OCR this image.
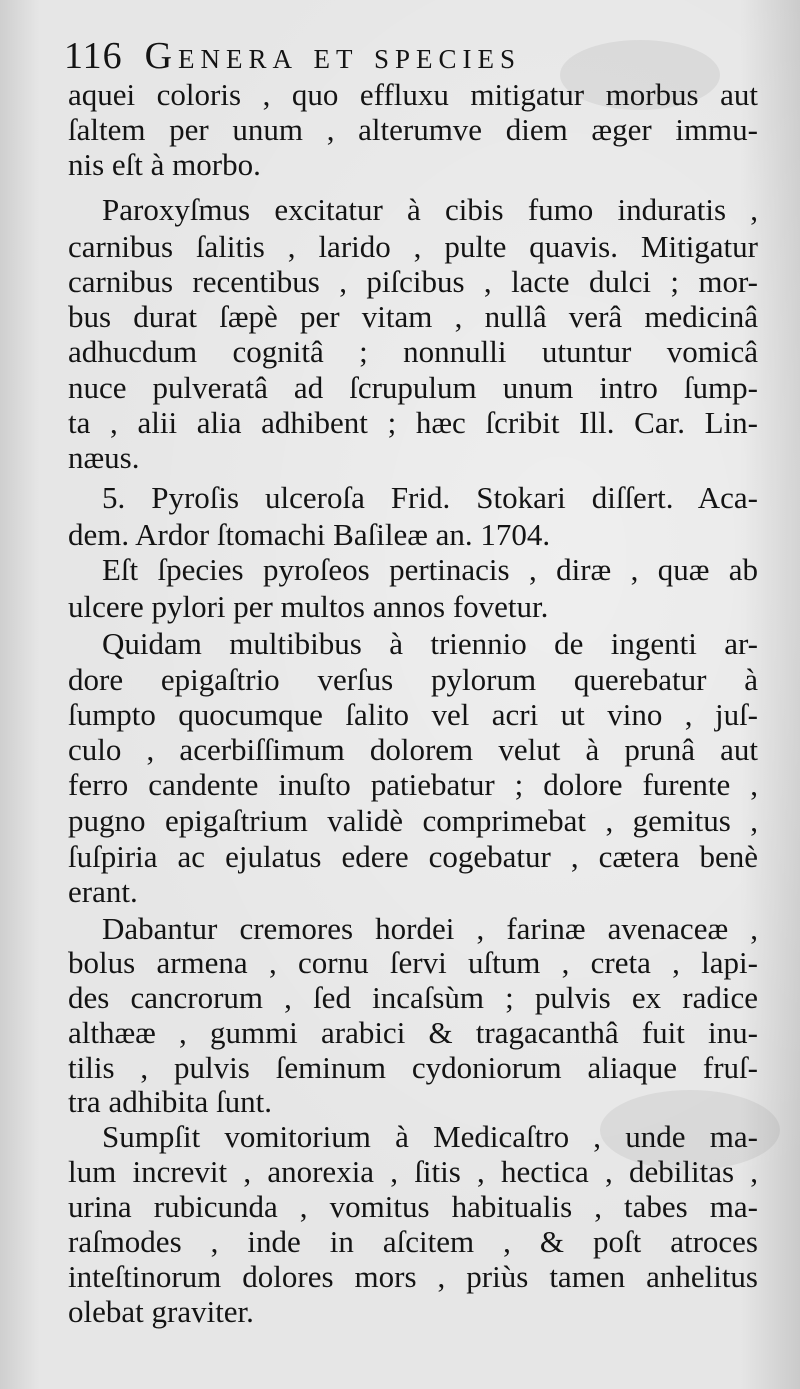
116 Genera et species
aquei coloris , quo effluxu mitigatur morbus aut
ſaltem per unum , alterumve diem æger immu-
nis eſt à morbo.
Paroxyſmus excitatur à cibis fumo induratis ,
carnibus ſalitis , larido , pulte quavis. Mitigatur
carnibus recentibus , piſcibus , lacte dulci ; mor-
bus durat ſæpè per vitam , nullâ verâ medicinâ
adhucdum cognitâ ; nonnulli utuntur vomicâ
nuce pulveratâ ad ſcrupulum unum intro ſump-
ta , alii alia adhibent ; hæc ſcribit Ill. Car. Lin-
næus.
5. Pyroſis ulceroſa Frid. Stokari diſſert. Aca-
dem. Ardor ſtomachi Baſileæ an. 1704.
Eſt ſpecies pyroſeos pertinacis , diræ , quæ ab
ulcere pylori per multos annos fovetur.
Quidam multibibus à triennio de ingenti ar-
dore epigaſtrio verſus pylorum querebatur à
ſumpto quocumque ſalito vel acri ut vino , juſ-
culo , acerbiſſimum dolorem velut à prunâ aut
ferro candente inuſto patiebatur ; dolore furente ,
pugno epigaſtrium validè comprimebat , gemitus ,
ſuſpiria ac ejulatus edere cogebatur , cætera benè
erant.
Dabantur cremores hordei , farinæ avenaceæ ,
bolus armena , cornu ſervi uſtum , creta , lapi-
des cancrorum , ſed incaſsùm ; pulvis ex radice
althææ , gummi arabici & tragacanthâ fuit inu-
tilis , pulvis ſeminum cydoniorum aliaque fruſ-
tra adhibita ſunt.
Sumpſit vomitorium à Medicaſtro , unde ma-
lum increvit , anorexia , ſitis , hectica , debilitas ,
urina rubicunda , vomitus habitualis , tabes ma-
raſmodes , inde in aſcitem , & poſt atroces
inteſtinorum dolores mors , priùs tamen anhelitus
olebat graviter.
